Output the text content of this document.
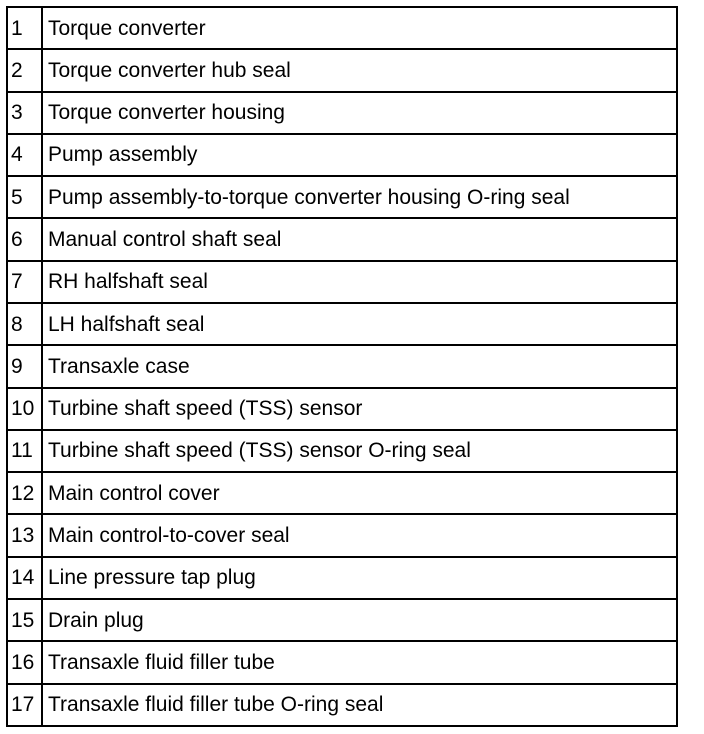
1	Torque converter
2	Torque converter hub seal
3	Torque converter housing
4	Pump assembly
5	Pump assembly-to-torque converter housing O-ring seal
6	Manual control shaft seal
7	RH halfshaft seal
8	LH halfshaft seal
9	Transaxle case
10	Turbine shaft speed (TSS) sensor
11	Turbine shaft speed (TSS) sensor O-ring seal
12	Main control cover
13	Main control-to-cover seal
14	Line pressure tap plug
15	Drain plug
16	Transaxle fluid filler tube
17	Transaxle fluid filler tube O-ring seal
